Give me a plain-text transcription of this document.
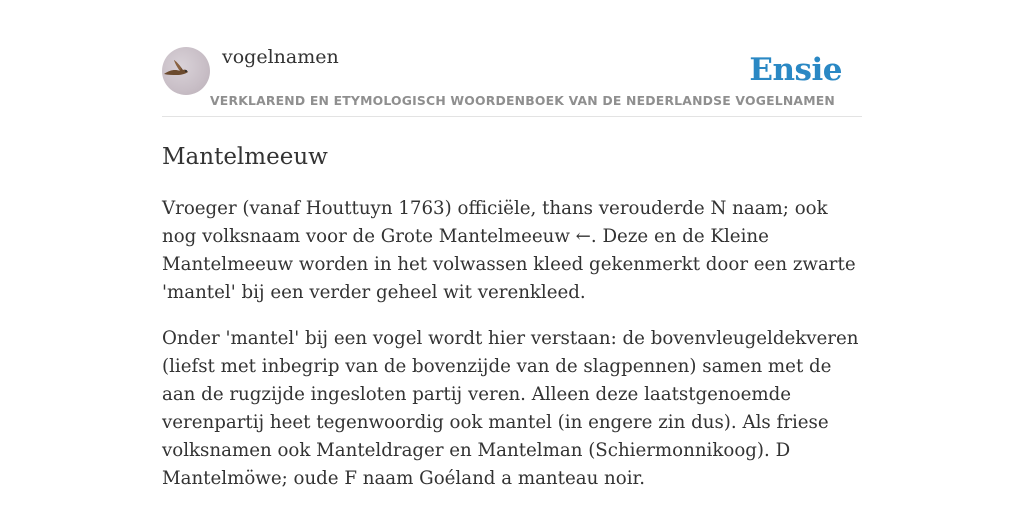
vogelnamen	Ensie
VERKLAREND EN ETYMOLOGISCH WOORDENBOEK VAN DE NEDERLANDSE VOGELNAMEN
Mantelmeeuw

Vroeger (vanaf Houttuyn 1763) officiële, thans verouderde N naam; ook nog volksnaam voor de Grote Mantelmeeuw ←. Deze en de Kleine Mantelmeeuw worden in het volwassen kleed gekenmerkt door een zwarte 'mantel' bij een verder geheel wit verenkleed.

Onder 'mantel' bij een vogel wordt hier verstaan: de bovenvleugeldekveren (liefst met inbegrip van de bovenzijde van de slagpennen) samen met de aan de rugzijde ingesloten partij veren. Alleen deze laatstgenoemde verenpartij heet tegenwoordig ook mantel (in engere zin dus). Als friese volksnamen ook Manteldrager en Mantelman (Schiermonnikoog). D Mantelmöwe; oude F naam Goéland a manteau noir.
